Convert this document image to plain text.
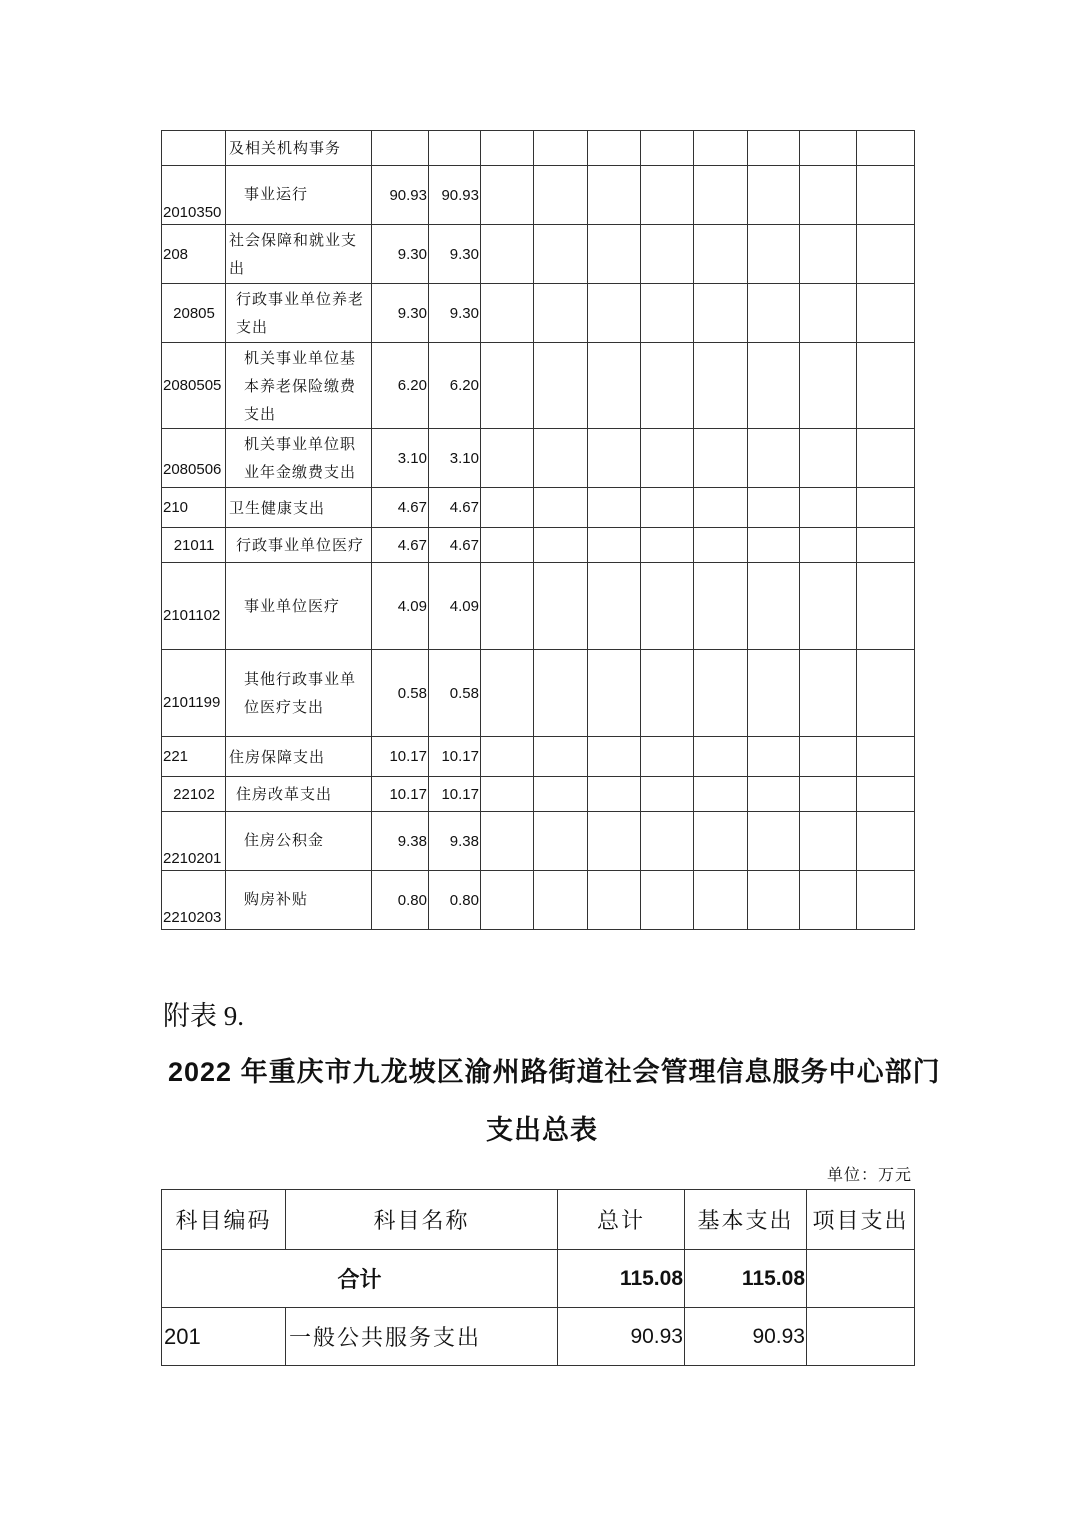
	及相关机构事务										
2010350	事业运行	90.93	90.93								
208	社会保障和就业支出	9.30	9.30								
20805	行政事业单位养老支出	9.30	9.30								
2080505	机关事业单位基本养老保险缴费支出	6.20	6.20								
2080506	机关事业单位职业年金缴费支出	3.10	3.10								
210	卫生健康支出	4.67	4.67								
21011	行政事业单位医疗	4.67	4.67								
2101102	事业单位医疗	4.09	4.09								
2101199	其他行政事业单位医疗支出	0.58	0.58								
221	住房保障支出	10.17	10.17								
22102	住房改革支出	10.17	10.17								
2210201	住房公积金	9.38	9.38								
2210203	购房补贴	0.80	0.80								
附表 9.
2022 年重庆市九龙坡区渝州路街道社会管理信息服务中心部门
支出总表
单位：万元
科目编码	科目名称	总计	基本支出	项目支出
合计		115.08	115.08	
201	一般公共服务支出	90.93	90.93	
